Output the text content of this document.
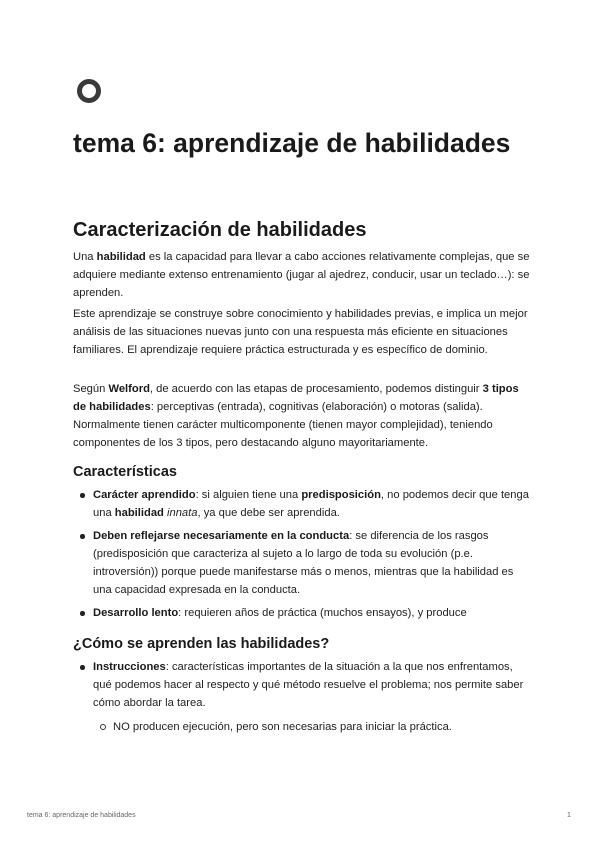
tema 6: aprendizaje de habilidades
Caracterización de habilidades

Una habilidad es la capacidad para llevar a cabo acciones relativamente complejas, que se adquiere mediante extenso entrenamiento (jugar al ajedrez, conducir, usar un teclado…): se aprenden.

Este aprendizaje se construye sobre conocimiento y habilidades previas, e implica un mejor análisis de las situaciones nuevas junto con una respuesta más eficiente en situaciones familiares. El aprendizaje requiere práctica estructurada y es específico de dominio.

Según Welford, de acuerdo con las etapas de procesamiento, podemos distinguir 3 tipos de habilidades: perceptivas (entrada), cognitivas (elaboración) o motoras (salida). Normalmente tienen carácter multicomponente (tienen mayor complejidad), teniendo componentes de los 3 tipos, pero destacando alguno mayoritariamente.

Características
Carácter aprendido: si alguien tiene una predisposición, no podemos decir que tenga una habilidad innata, ya que debe ser aprendida.
Deben reflejarse necesariamente en la conducta: se diferencia de los rasgos (predisposición que caracteriza al sujeto a lo largo de toda su evolución (p.e. introversión)) porque puede manifestarse más o menos, mientras que la habilidad es una capacidad expresada en la conducta.
Desarrollo lento: requieren años de práctica (muchos ensayos), y produce
¿Cómo se aprenden las habilidades?
Instrucciones: características importantes de la situación a la que nos enfrentamos, qué podemos hacer al respecto y qué método resuelve el problema; nos permite saber cómo abordar la tarea.
NO producen ejecución, pero son necesarias para iniciar la práctica.
tema 6: aprendizaje de habilidades	1
